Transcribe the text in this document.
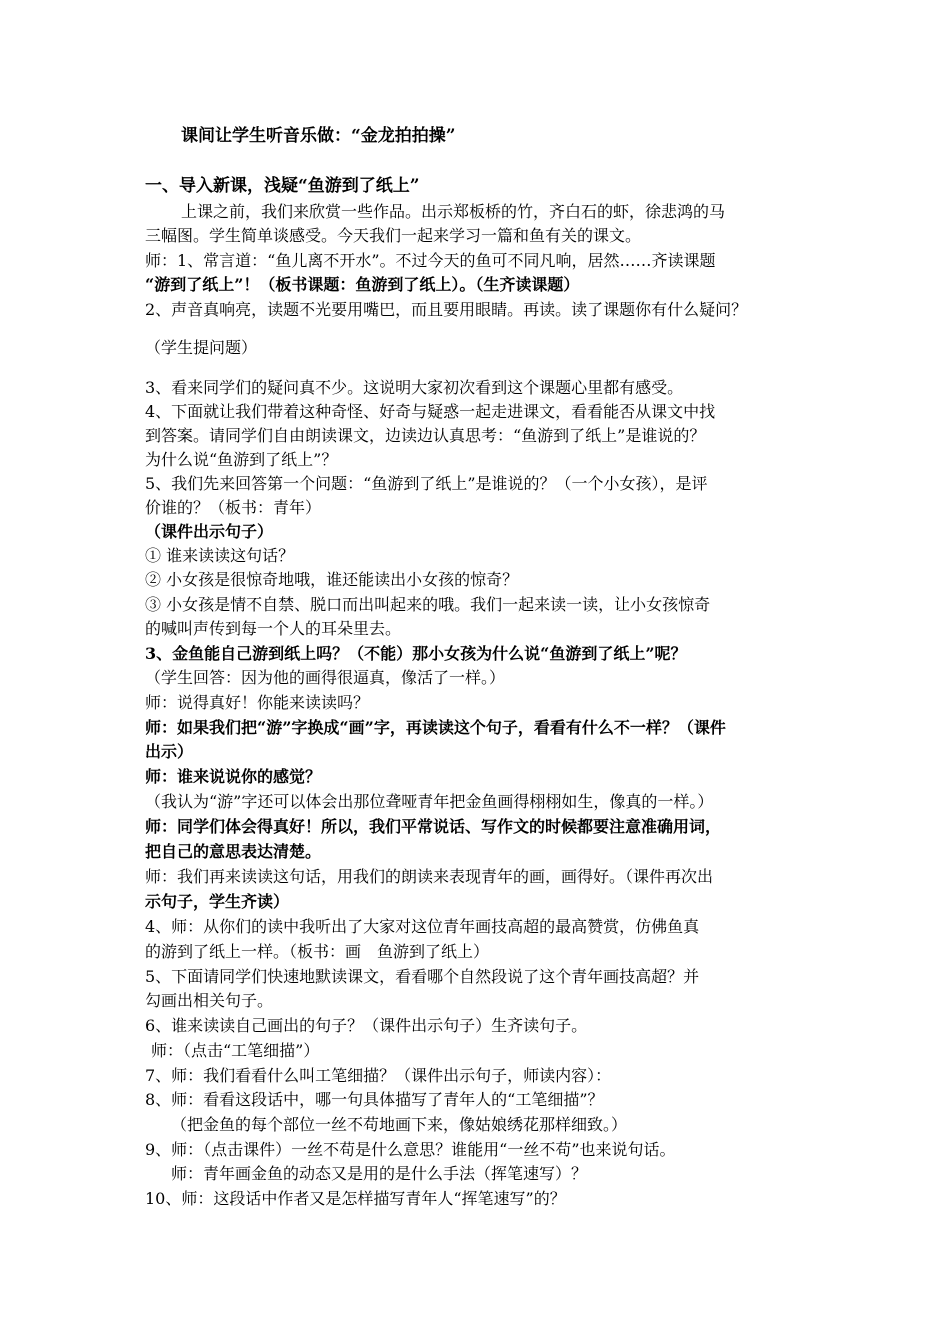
课间让学生听音乐做：“金龙拍拍操”
一、导入新课，浅疑“鱼游到了纸上”
上课之前，我们来欣赏一些作品。出示郑板桥的竹，齐白石的虾，徐悲鸿的马
三幅图。学生简单谈感受。今天我们一起来学习一篇和鱼有关的课文。
师：1、常言道：“鱼儿离不开水”。不过今天的鱼可不同凡响，居然……齐读课题
“游到了纸上”！（板书课题：鱼游到了纸上）。（生齐读课题）
2、声音真响亮，读题不光要用嘴巴，而且要用眼睛。再读。读了课题你有什么疑问？
（学生提问题）
3、看来同学们的疑问真不少。这说明大家初次看到这个课题心里都有感受。
4、下面就让我们带着这种奇怪、好奇与疑惑一起走进课文，看看能否从课文中找
到答案。请同学们自由朗读课文，边读边认真思考：“鱼游到了纸上”是谁说的？
为什么说“鱼游到了纸上”？
5、我们先来回答第一个问题：“鱼游到了纸上”是谁说的？（一个小女孩），是评
价谁的？（板书：青年）
（课件出示句子）
① 谁来读读这句话？
② 小女孩是很惊奇地哦，谁还能读出小女孩的惊奇？
③ 小女孩是情不自禁、脱口而出叫起来的哦。我们一起来读一读，让小女孩惊奇
的喊叫声传到每一个人的耳朵里去。
3、金鱼能自己游到纸上吗？（不能）那小女孩为什么说“鱼游到了纸上”呢？
（学生回答：因为他的画得很逼真，像活了一样。）
师：说得真好！你能来读读吗？
师：如果我们把“游”字换成“画”字，再读读这个句子，看看有什么不一样？（课件
出示）
师：谁来说说你的感觉？
（我认为“游”字还可以体会出那位聋哑青年把金鱼画得栩栩如生，像真的一样。）
师：同学们体会得真好！所以，我们平常说话、写作文的时候都要注意准确用词，
把自己的意思表达清楚。
师：我们再来读读这句话，用我们的朗读来表现青年的画，画得好。（课件再次出
示句子，学生齐读）
4、师：从你们的读中我听出了大家对这位青年画技高超的最高赞赏，仿佛鱼真
的游到了纸上一样。（板书：画　鱼游到了纸上）
5、下面请同学们快速地默读课文，看看哪个自然段说了这个青年画技高超？并
勾画出相关句子。
6、谁来读读自己画出的句子？（课件出示句子）生齐读句子。
师：（点击“工笔细描”）
7、师：我们看看什么叫工笔细描？（课件出示句子，师读内容）：
8、师：看看这段话中，哪一句具体描写了青年人的“工笔细描”？
（把金鱼的每个部位一丝不苟地画下来，像姑娘绣花那样细致。）
9、师：（点击课件）一丝不苟是什么意思？谁能用“一丝不苟”也来说句话。
师：青年画金鱼的动态又是用的是什么手法（挥笔速写）？
10、师：这段话中作者又是怎样描写青年人“挥笔速写”的？
